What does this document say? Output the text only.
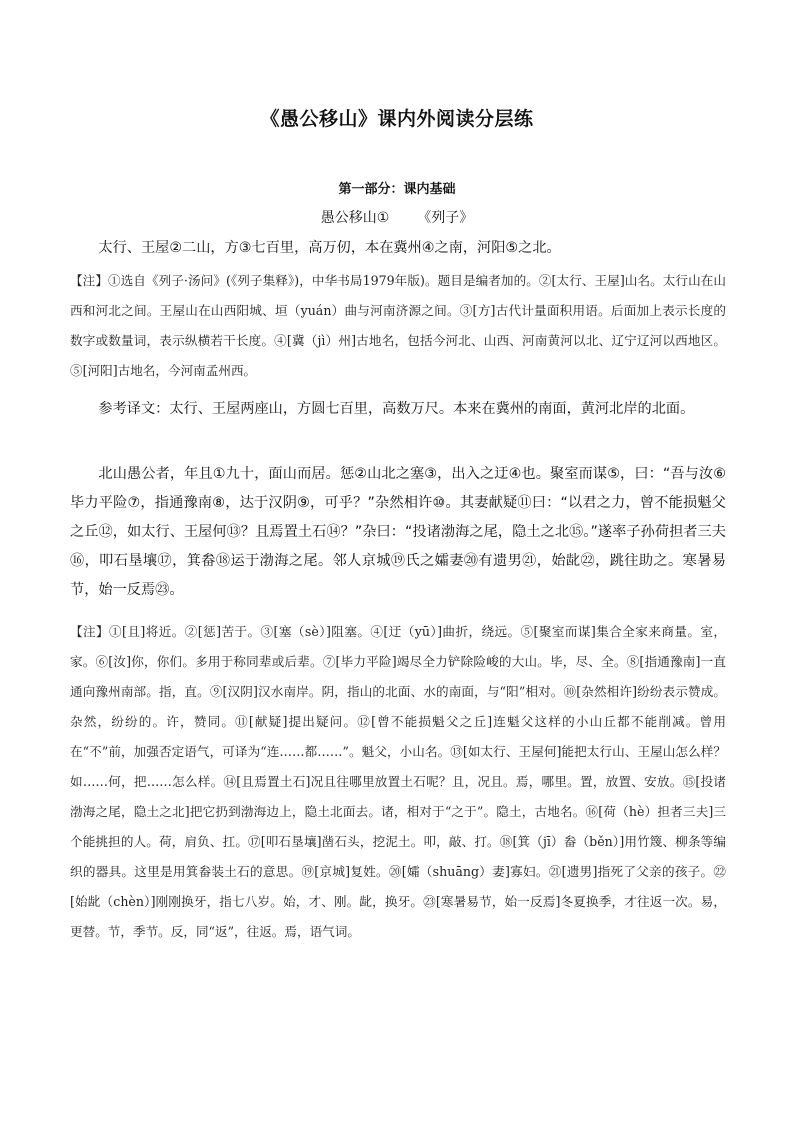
《愚公移山》课内外阅读分层练
第一部分：课内基础

愚公移山① 《列子》

太行、王屋②二山，方③七百里，高万仞，本在冀州④之南，河阳⑤之北。

【注】①选自《列子·汤问》(《列子集释》)，中华书局1979年版)。题目是编者加的。②[太行、王屋]山名。太行山在山西和河北之间。王屋山在山西阳城、垣（yuán）曲与河南济源之间。③[方]古代计量面积用语。后面加上表示长度的数字或数量词，表示纵横若干长度。④[冀（jì）州]古地名，包括今河北、山西、河南黄河以北、辽宁辽河以西地区。⑤[河阳]古地名，今河南孟州西。

参考译文：太行、王屋两座山，方圆七百里，高数万尺。本来在冀州的南面，黄河北岸的北面。

北山愚公者，年且①九十，面山而居。惩②山北之塞③，出入之迂④也。聚室而谋⑤，曰：“吾与汝⑥毕力平险⑦，指通豫南⑧，达于汉阴⑨，可乎？”杂然相许⑩。其妻献疑⑪曰：“以君之力，曾不能损魁父之丘⑫，如太行、王屋何⑬？且焉置土石⑭？”杂曰：“投诸渤海之尾，隐土之北⑮。”遂率子孙荷担者三夫⑯，叩石垦壤⑰，箕畚⑱运于渤海之尾。邻人京城⑲氏之孀妻⑳有遗男㉑，始龀㉒，跳往助之。寒暑易节，始一反焉㉓。

【注】①[且]将近。②[惩]苦于。③[塞（sè）]阻塞。④[迂（yū）]曲折，绕远。⑤[聚室而谋]集合全家来商量。室，家。⑥[汝]你，你们。多用于称同辈或后辈。⑦[毕力平险]竭尽全力铲除险峻的大山。毕，尽、全。⑧[指通豫南]一直通向豫州南部。指，直。⑨[汉阴]汉水南岸。阴，指山的北面、水的南面，与“阳”相对。⑩[杂然相许]纷纷表示赞成。杂然，纷纷的。许，赞同。⑪[献疑]提出疑问。⑫[曾不能损魁父之丘]连魁父这样的小山丘都不能削减。曾用在“不”前，加强否定语气，可译为“连……都……”。魁父，小山名。⑬[如太行、王屋何]能把太行山、王屋山怎么样？如……何，把……怎么样。⑭[且焉置土石]况且往哪里放置土石呢？且，况且。焉，哪里。置，放置、安放。⑮[投诸渤海之尾，隐土之北]把它扔到渤海边上，隐土北面去。诸，相对于“之于”。隐土，古地名。⑯[荷（hè）担者三夫]三个能挑担的人。荷，肩负、扛。⑰[叩石垦壤]凿石头，挖泥土。叩，敲、打。⑱[箕（jī）畚（běn）]用竹篾、柳条等编织的器具。这里是用箕畚装土石的意思。⑲[京城]复姓。⑳[孀（shuāng）妻]寡妇。㉑[遗男]指死了父亲的孩子。㉒[始龀（chèn）]刚刚换牙，指七八岁。始，才、刚。龀，换牙。㉓[寒暑易节，始一反焉]冬夏换季，才往返一次。易，更替。节，季节。反，同“返”，往返。焉，语气词。
